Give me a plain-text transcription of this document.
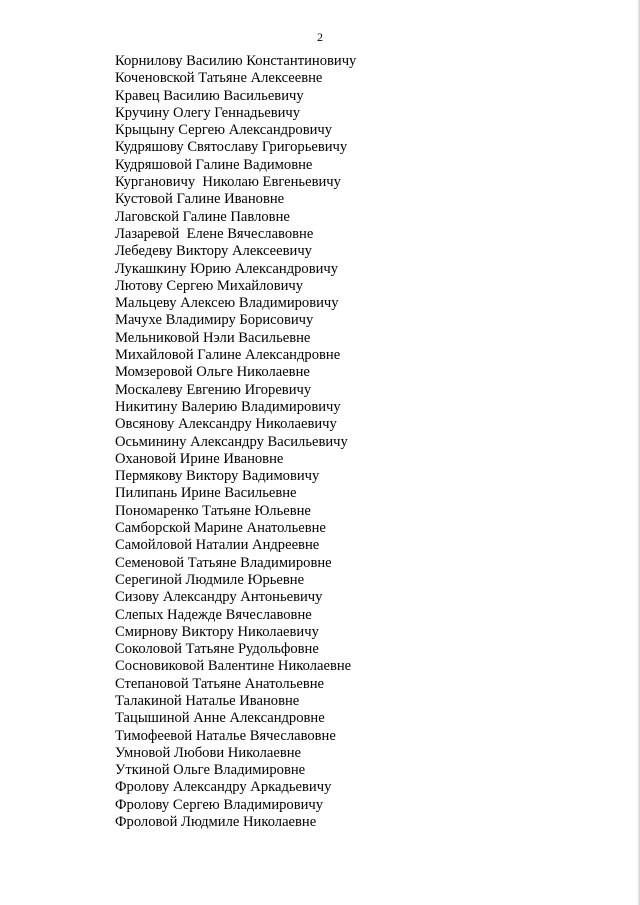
2
Корнилову Василию Константиновичу
Коченовской Татьяне Алексеевне
Кравец Василию Васильевичу
Кручину Олегу Геннадьевичу
Крыцыну Сергею Александровичу
Кудряшову Святославу Григорьевичу
Кудряшовой Галине Вадимовне
Кургановичу  Николаю Евгеньевичу
Кустовой Галине Ивановне
Лаговской Галине Павловне
Лазаревой  Елене Вячеславовне
Лебедеву Виктору Алексеевичу
Лукашкину Юрию Александровичу
Лютову Сергею Михайловичу
Мальцеву Алексею Владимировичу
Мачухе Владимиру Борисовичу
Мельниковой Нэли Васильевне
Михайловой Галине Александровне
Момзеровой Ольге Николаевне
Москалеву Евгению Игоревичу
Никитину Валерию Владимировичу
Овсянову Александру Николаевичу
Осьминину Александру Васильевичу
Охановой Ирине Ивановне
Пермякову Виктору Вадимовичу
Пилипань Ирине Васильевне
Пономаренко Татьяне Юльевне
Самборской Марине Анатольевне
Самойловой Наталии Андреевне
Семеновой Татьяне Владимировне
Серегиной Людмиле Юрьевне
Сизову Александру Антоньевичу
Слепых Надежде Вячеславовне
Смирнову Виктору Николаевичу
Соколовой Татьяне Рудольфовне
Сосновиковой Валентине Николаевне
Степановой Татьяне Анатольевне
Талакиной Наталье Ивановне
Тацышиной Анне Александровне
Тимофеевой Наталье Вячеславовне
Умновой Любови Николаевне
Уткиной Ольге Владимировне
Фролову Александру Аркадьевичу
Фролову Сергею Владимировичу
Фроловой Людмиле Николаевне
